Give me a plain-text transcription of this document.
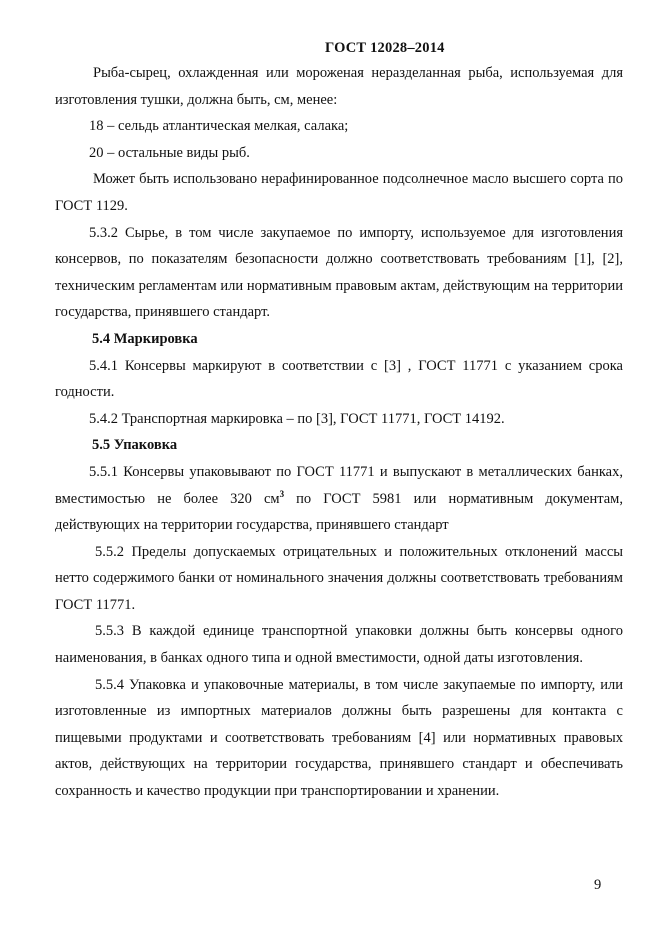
ГОСТ 12028–2014

Рыба-сырец, охлажденная или мороженая неразделанная рыба, используемая для изготовления тушки, должна быть, см, менее:

18 – сельдь атлантическая мелкая, салака;

20 – остальные виды рыб.

Может быть использовано нерафинированное подсолнечное масло высшего сорта по ГОСТ 1129.

5.3.2 Сырье, в том числе закупаемое по импорту, используемое для изготовления консервов, по показателям безопасности должно соответствовать требованиям [1], [2], техническим регламентам или нормативным правовым актам, действующим на территории государства, принявшего стандарт.

5.4 Маркировка

5.4.1 Консервы маркируют в соответствии с [3] , ГОСТ 11771 с указанием срока годности.

5.4.2 Транспортная маркировка – по [3], ГОСТ 11771, ГОСТ 14192.

5.5 Упаковка

5.5.1 Консервы упаковывают по ГОСТ 11771 и выпускают в металлических банках, вместимостью не более 320 $см^3$ по ГОСТ 5981 или нормативным документам, действующих на территории государства, принявшего стандарт

5.5.2 Пределы допускаемых отрицательных и положительных отклонений массы нетто содержимого банки от номинального значения должны соответствовать требованиям ГОСТ 11771.

5.5.3 В каждой единице транспортной упаковки должны быть консервы одного наименования, в банках одного типа и одной вместимости, одной даты изготовления.

5.5.4 Упаковка и упаковочные материалы, в том числе закупаемые по импорту, или изготовленные из импортных материалов должны быть разрешены для контакта с пищевыми продуктами и соответствовать требованиям [4] или нормативных правовых актов, действующих на территории государства, принявшего стандарт и обеспечивать сохранность и качество продукции при транспортировании и хранении.

9
